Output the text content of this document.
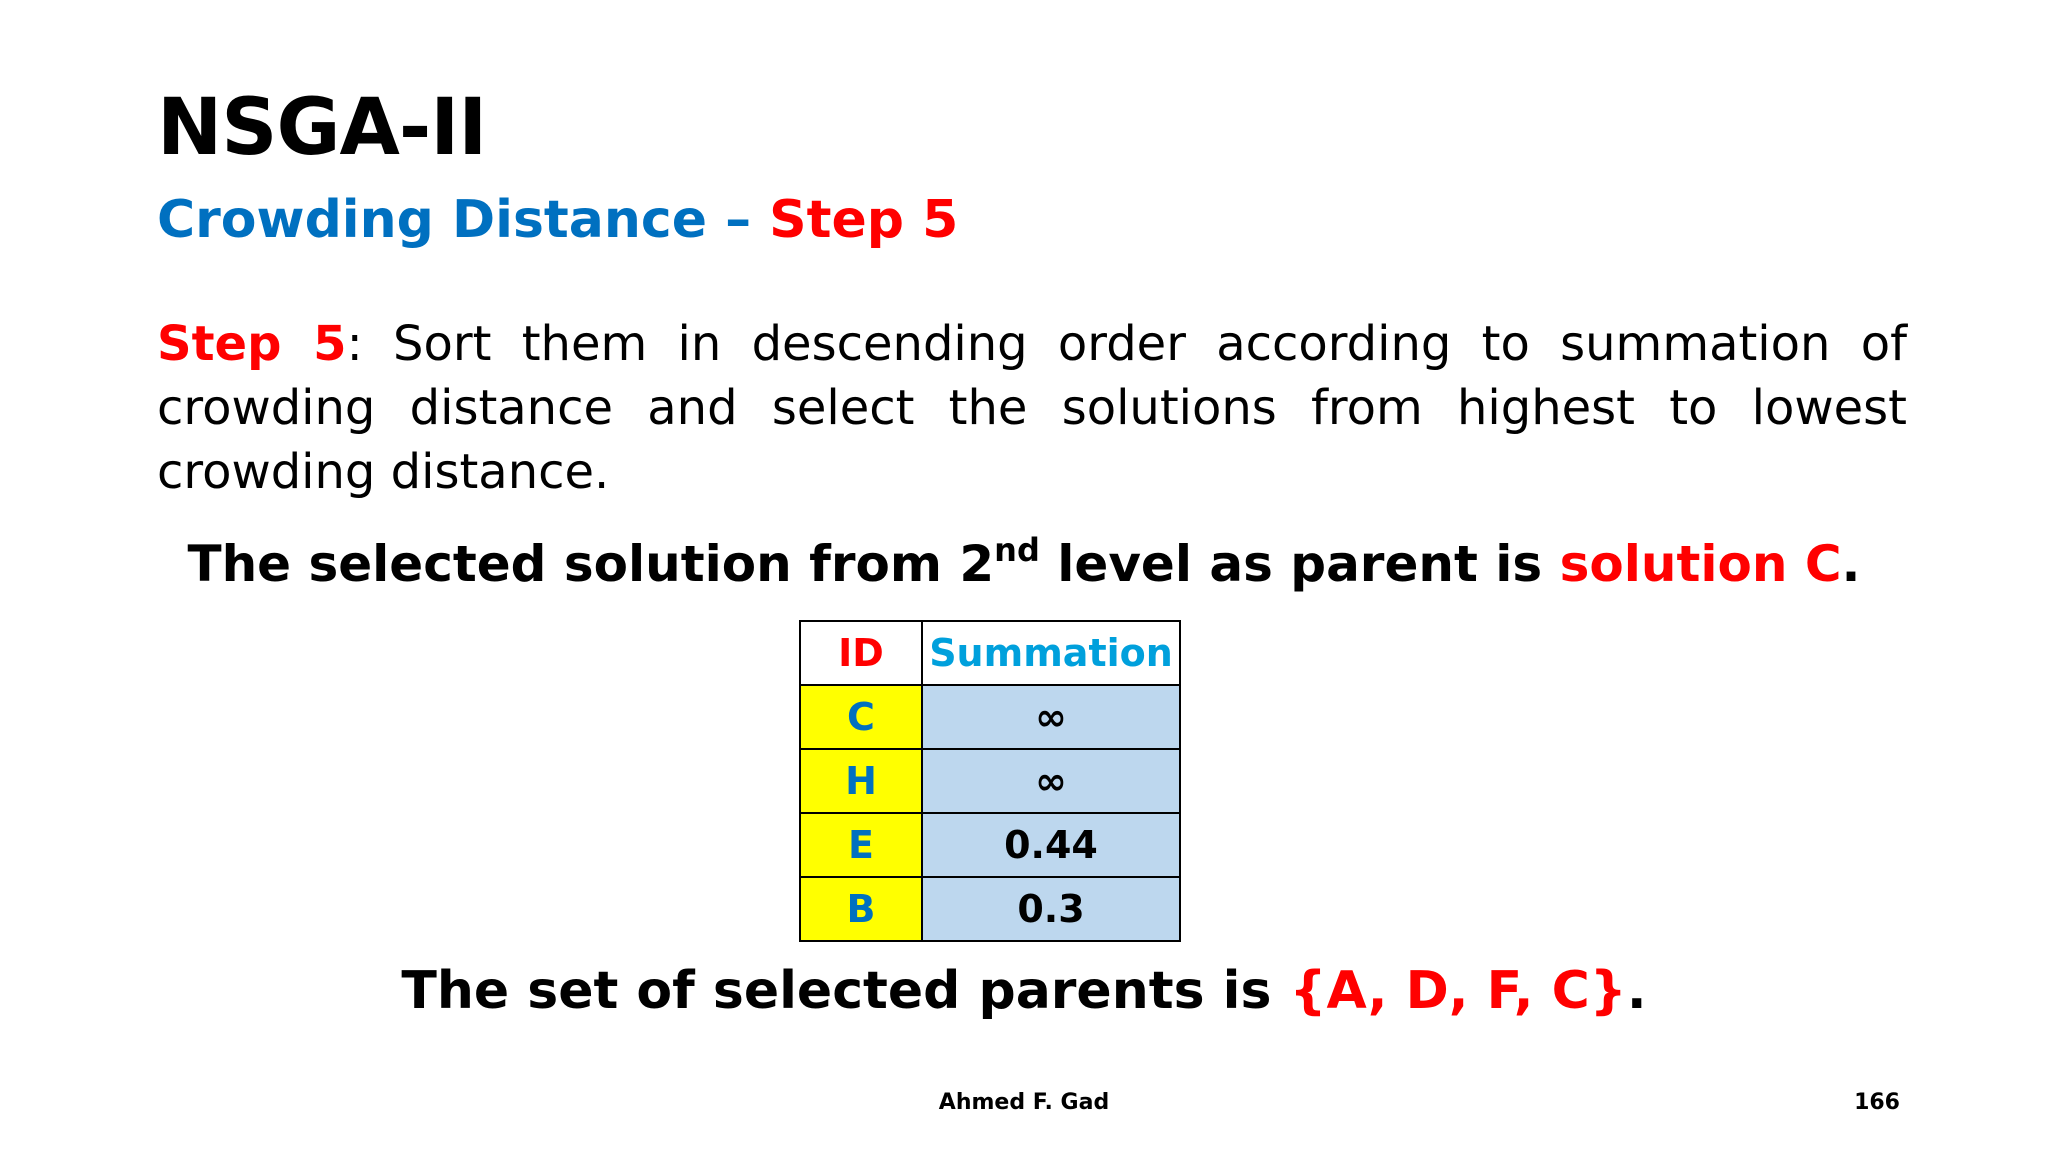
NSGA-II
Crowding Distance – Step 5

Step 5: Sort them in descending order according to summation of crowding distance and select the solutions from highest to lowest crowding distance.

The selected solution from 2nd level as parent is solution C.

ID	Summation
C	∞
H	∞
E	0.44
B	0.3

The set of selected parents is {A, D, F, C}.

Ahmed F. Gad	166
